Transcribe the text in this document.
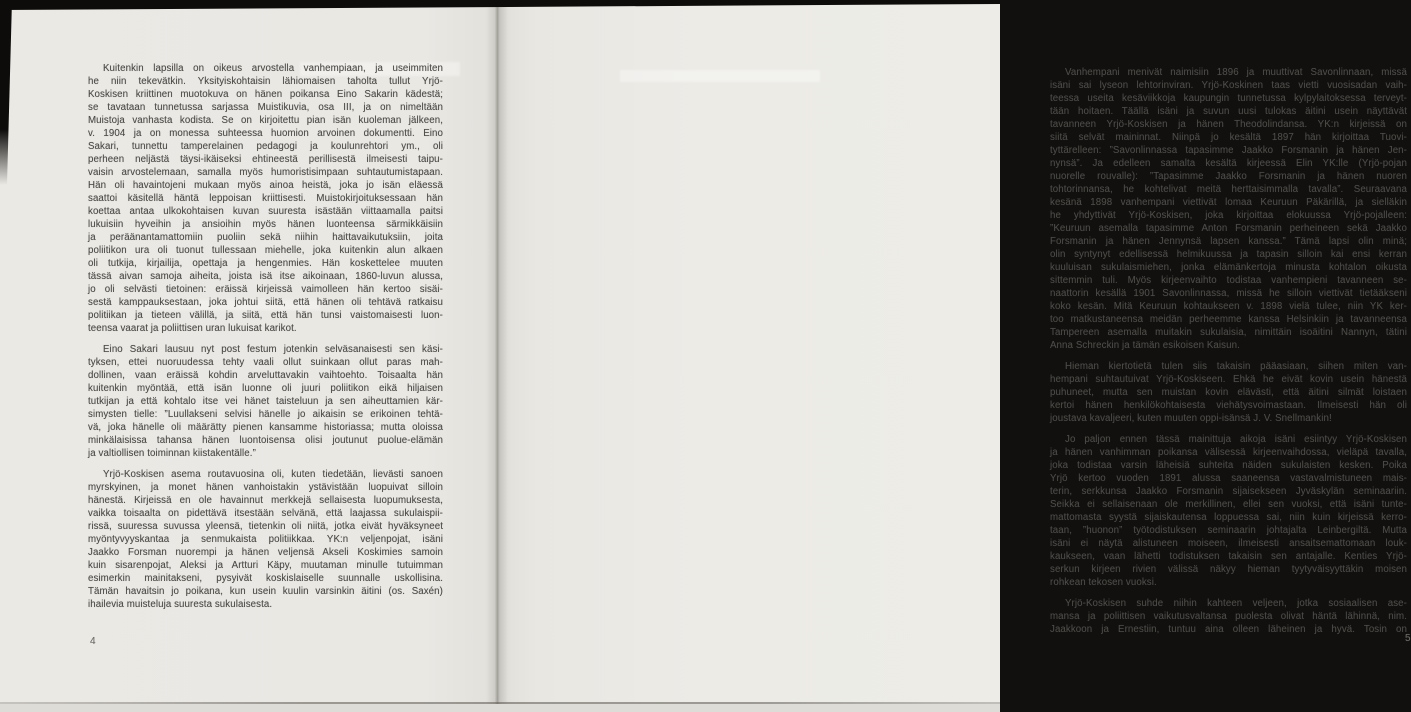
Kuitenkin lapsilla on oikeus arvostella vanhempiaan, ja useimmiten
he niin tekevätkin. Yksityiskohtaisin lähiomaisen taholta tullut Yrjö-
Koskisen kriittinen muotokuva on hänen poikansa Eino Sakarin kädestä;
se tavataan tunnetussa sarjassa Muistikuvia, osa III, ja on nimeltään
Muistoja vanhasta kodista. Se on kirjoitettu pian isän kuoleman jälkeen,
v. 1904 ja on monessa suhteessa huomion arvoinen dokumentti. Eino
Sakari, tunnettu tamperelainen pedagogi ja koulunrehtori ym., oli
perheen neljästä täysi-ikäiseksi ehtineestä perillisestä ilmeisesti taipu-
vaisin arvostelemaan, samalla myös humoristisimpaan suhtautumistapaan.
Hän oli havaintojeni mukaan myös ainoa heistä, joka jo isän eläessä
saattoi käsitellä häntä leppoisan kriittisesti. Muistokirjoituksessaan hän
koettaa antaa ulkokohtaisen kuvan suuresta isästään viittaamalla paitsi
lukuisiin hyveihin ja ansioihin myös hänen luonteensa särmikkäisiin
ja peräänantamattomiin puoliin sekä niihin haittavaikutuksiin, joita
poliitikon ura oli tuonut tullessaan miehelle, joka kuitenkin alun alkaen
oli tutkija, kirjailija, opettaja ja hengenmies. Hän koskettelee muuten
tässä aivan samoja aiheita, joista isä itse aikoinaan, 1860-luvun alussa,
jo oli selvästi tietoinen: eräissä kirjeissä vaimolleen hän kertoo sisäi-
sestä kamppauksestaan, joka johtui siitä, että hänen oli tehtävä ratkaisu
politiikan ja tieteen välillä, ja siitä, että hän tunsi vaistomaisesti luon-
teensa vaarat ja poliittisen uran lukuisat karikot.
Eino Sakari lausuu nyt post festum jotenkin selväsanaisesti sen käsi-
tyksen, ettei nuoruudessa tehty vaali ollut suinkaan ollut paras mah-
dollinen, vaan eräissä kohdin arveluttavakin vaihtoehto. Toisaalta hän
kuitenkin myöntää, että isän luonne oli juuri poliitikon eikä hiljaisen
tutkijan ja että kohtalo itse vei hänet taisteluun ja sen aiheuttamien kär-
simysten tielle: ”Luullakseni selvisi hänelle jo aikaisin se erikoinen tehtä-
vä, joka hänelle oli määrätty pienen kansamme historiassa; mutta oloissa
minkälaisissa tahansa hänen luontoisensa olisi joutunut puolue-elämän
ja valtiollisen toiminnan kiistakentälle.”
Yrjö-Koskisen asema routavuosina oli, kuten tiedetään, lievästi sanoen
myrskyinen, ja monet hänen vanhoistakin ystävistään luopuivat silloin
hänestä. Kirjeissä en ole havainnut merkkejä sellaisesta luopumuksesta,
vaikka toisaalta on pidettävä itsestään selvänä, että laajassa sukulaispii-
rissä, suuressa suvussa yleensä, tietenkin oli niitä, jotka eivät hyväksyneet
myöntyvyyskantaa ja senmukaista politiikkaa. YK:n veljenpojat, isäni
Jaakko Forsman nuorempi ja hänen veljensä Akseli Koskimies samoin
kuin sisarenpojat, Aleksi ja Artturi Käpy, muutaman minulle tutuimman
esimerkin mainitakseni, pysyivät koskislaiselle suunnalle uskollisina.
Tämän havaitsin jo poikana, kun usein kuulin varsinkin äitini (os. Saxén)
ihailevia muisteluja suuresta sukulaisesta.
4
Vanhempani menivät naimisiin 1896 ja muuttivat Savonlinnaan, missä
isäni sai lyseon lehtorinviran. Yrjö-Koskinen taas vietti vuosisadan vaih-
teessa useita kesäviikkoja kaupungin tunnetussa kylpylaitoksessa terveyt-
tään hoitaen. Täällä isäni ja suvun uusi tulokas äitini usein näyttävät
tavanneen Yrjö-Koskisen ja hänen Theodolindansa. YK:n kirjeissä on
siitä selvät maininnat. Niinpä jo kesältä 1897 hän kirjoittaa Tuovi-
tyttärelleen: ”Savonlinnassa tapasimme Jaakko Forsmanin ja hänen Jen-
nynsä”. Ja edelleen samalta kesältä kirjeessä Elin YK:lle (Yrjö-pojan
nuorelle rouvalle): ”Tapasimme Jaakko Forsmanin ja hänen nuoren
tohtorinnansa, he kohtelivat meitä herttaisimmalla tavalla”. Seuraavana
kesänä 1898 vanhempani viettivät lomaa Keuruun Päkärillä, ja sielläkin
he yhdyttivät Yrjö-Koskisen, joka kirjoittaa elokuussa Yrjö-pojalleen:
”Keuruun asemalla tapasimme Anton Forsmanin perheineen sekä Jaakko
Forsmanin ja hänen Jennynsä lapsen kanssa.” Tämä lapsi olin minä;
olin syntynyt edellisessä helmikuussa ja tapasin silloin kai ensi kerran
kuuluisan sukulaismiehen, jonka elämänkertoja minusta kohtalon oikusta
sittemmin tuli. Myös kirjeenvaihto todistaa vanhempieni tavanneen se-
naattorin kesällä 1901 Savonlinnassa, missä he silloin viettivät tietääkseni
koko kesän. Mitä Keuruun kohtaukseen v. 1898 vielä tulee, niin YK ker-
too matkustaneensa meidän perheemme kanssa Helsinkiin ja tavanneensa
Tampereen asemalla muitakin sukulaisia, nimittäin isoäitini Nannyn, tätini
Anna Schreckin ja tämän esikoisen Kaisun.
Hieman kiertotietä tulen siis takaisin pääasiaan, siihen miten van-
hempani suhtautuivat Yrjö-Koskiseen. Ehkä he eivät kovin usein hänestä
puhuneet, mutta sen muistan kovin elävästi, että äitini silmät loistaen
kertoi hänen henkilökohtaisesta viehätysvoimastaan. Ilmeisesti hän oli
joustava kavaljeeri, kuten muuten oppi-isänsä J. V. Snellmankin!
Jo paljon ennen tässä mainittuja aikoja isäni esiintyy Yrjö-Koskisen
ja hänen vanhimman poikansa välisessä kirjeenvaihdossa, vieläpä tavalla,
joka todistaa varsin läheisiä suhteita näiden sukulaisten kesken. Poika
Yrjö kertoo vuoden 1891 alussa saaneensa vastavalmistuneen mais-
terin, serkkunsa Jaakko Forsmanin sijaisekseen Jyväskylän seminaariin.
Seikka ei sellaisenaan ole merkillinen, ellei sen vuoksi, että isäni tunte-
mattomasta syystä sijaiskautensa loppuessa sai, niin kuin kirjeissä kerro-
taan, ”huonon” työtodistuksen seminaarin johtajalta Leinbergiltä. Mutta
isäni ei näytä alistuneen moiseen, ilmeisesti ansaitsemattomaan louk-
kaukseen, vaan lähetti todistuksen takaisin sen antajalle. Kenties Yrjö-
serkun kirjeen rivien välissä näkyy hieman tyytyväisyyttäkin moisen
rohkean tekosen vuoksi.
Yrjö-Koskisen suhde niihin kahteen veljeen, jotka sosiaalisen ase-
mansa ja poliittisen vaikutusvaltansa puolesta olivat häntä lähinnä, nim.
Jaakkoon ja Ernestiin, tuntuu aina olleen läheinen ja hyvä. Tosin on
5
